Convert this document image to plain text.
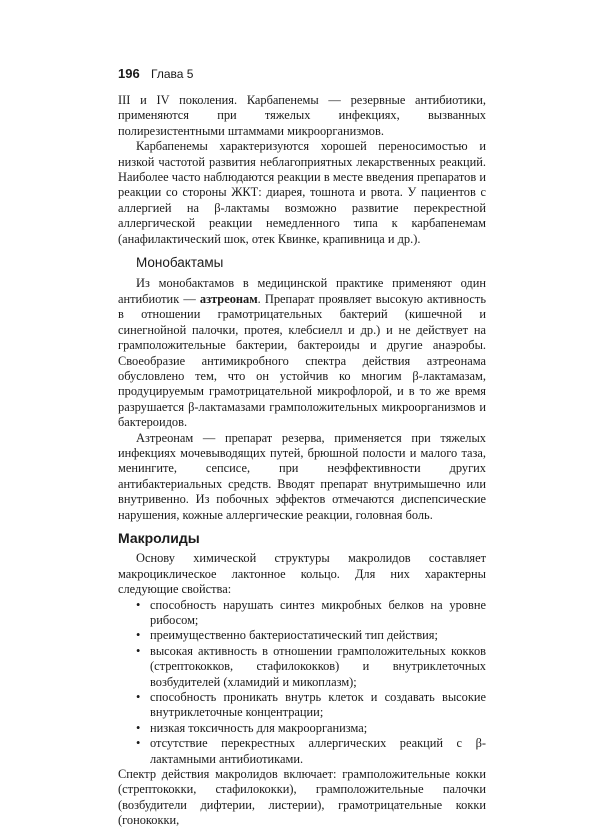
196 Глава 5

III и IV поколения. Карбапенемы — резервные антибиотики, применяются при тяжелых инфекциях, вызванных полирезистентными штаммами микроорганизмов.

Карбапенемы характеризуются хорошей переносимостью и низкой частотой развития неблагоприятных лекарственных реакций. Наиболее часто наблюдаются реакции в месте введения препаратов и реакции со стороны ЖКТ: диарея, тошнота и рвота. У пациентов с аллергией на β-лактамы возможно развитие перекрестной аллергической реакции немедленного типа к карбапенемам (анафилактический шок, отек Квинке, крапивница и др.).

Монобактамы

Из монобактамов в медицинской практике применяют один антибиотик — азтреонам. Препарат проявляет высокую активность в отношении грамотрицательных бактерий (кишечной и синегнойной палочки, протея, клебсиелл и др.) и не действует на грамположительные бактерии, бактероиды и другие анаэробы. Своеобразие антимикробного спектра действия азтреонама обусловлено тем, что он устойчив ко многим β-лактамазам, продуцируемым грамотрицательной микрофлорой, и в то же время разрушается β-лактамазами грамположительных микроорганизмов и бактероидов.

Азтреонам — препарат резерва, применяется при тяжелых инфекциях мочевыводящих путей, брюшной полости и малого таза, менингите, сепсисе, при неэффективности других антибактериальных средств. Вводят препарат внутримышечно или внутривенно. Из побочных эффектов отмечаются диспепсические нарушения, кожные аллергические реакции, головная боль.

Макролиды

Основу химической структуры макролидов составляет макроциклическое лактонное кольцо. Для них характерны следующие свойства:

• способность нарушать синтез микробных белков на уровне рибосом;
• преимущественно бактериостатический тип действия;
• высокая активность в отношении грамположительных кокков (стрептококков, стафилококков) и внутриклеточных возбудителей (хламидий и микоплазм);
• способность проникать внутрь клеток и создавать высокие внутриклеточные концентрации;
• низкая токсичность для макроорганизма;
• отсутствие перекрестных аллергических реакций с β-лактамными антибиотиками.

Спектр действия макролидов включает: грамположительные кокки (стрептококки, стафилококки), грамположительные палочки (возбудители дифтерии, листерии), грамотрицательные кокки (гонококки,
